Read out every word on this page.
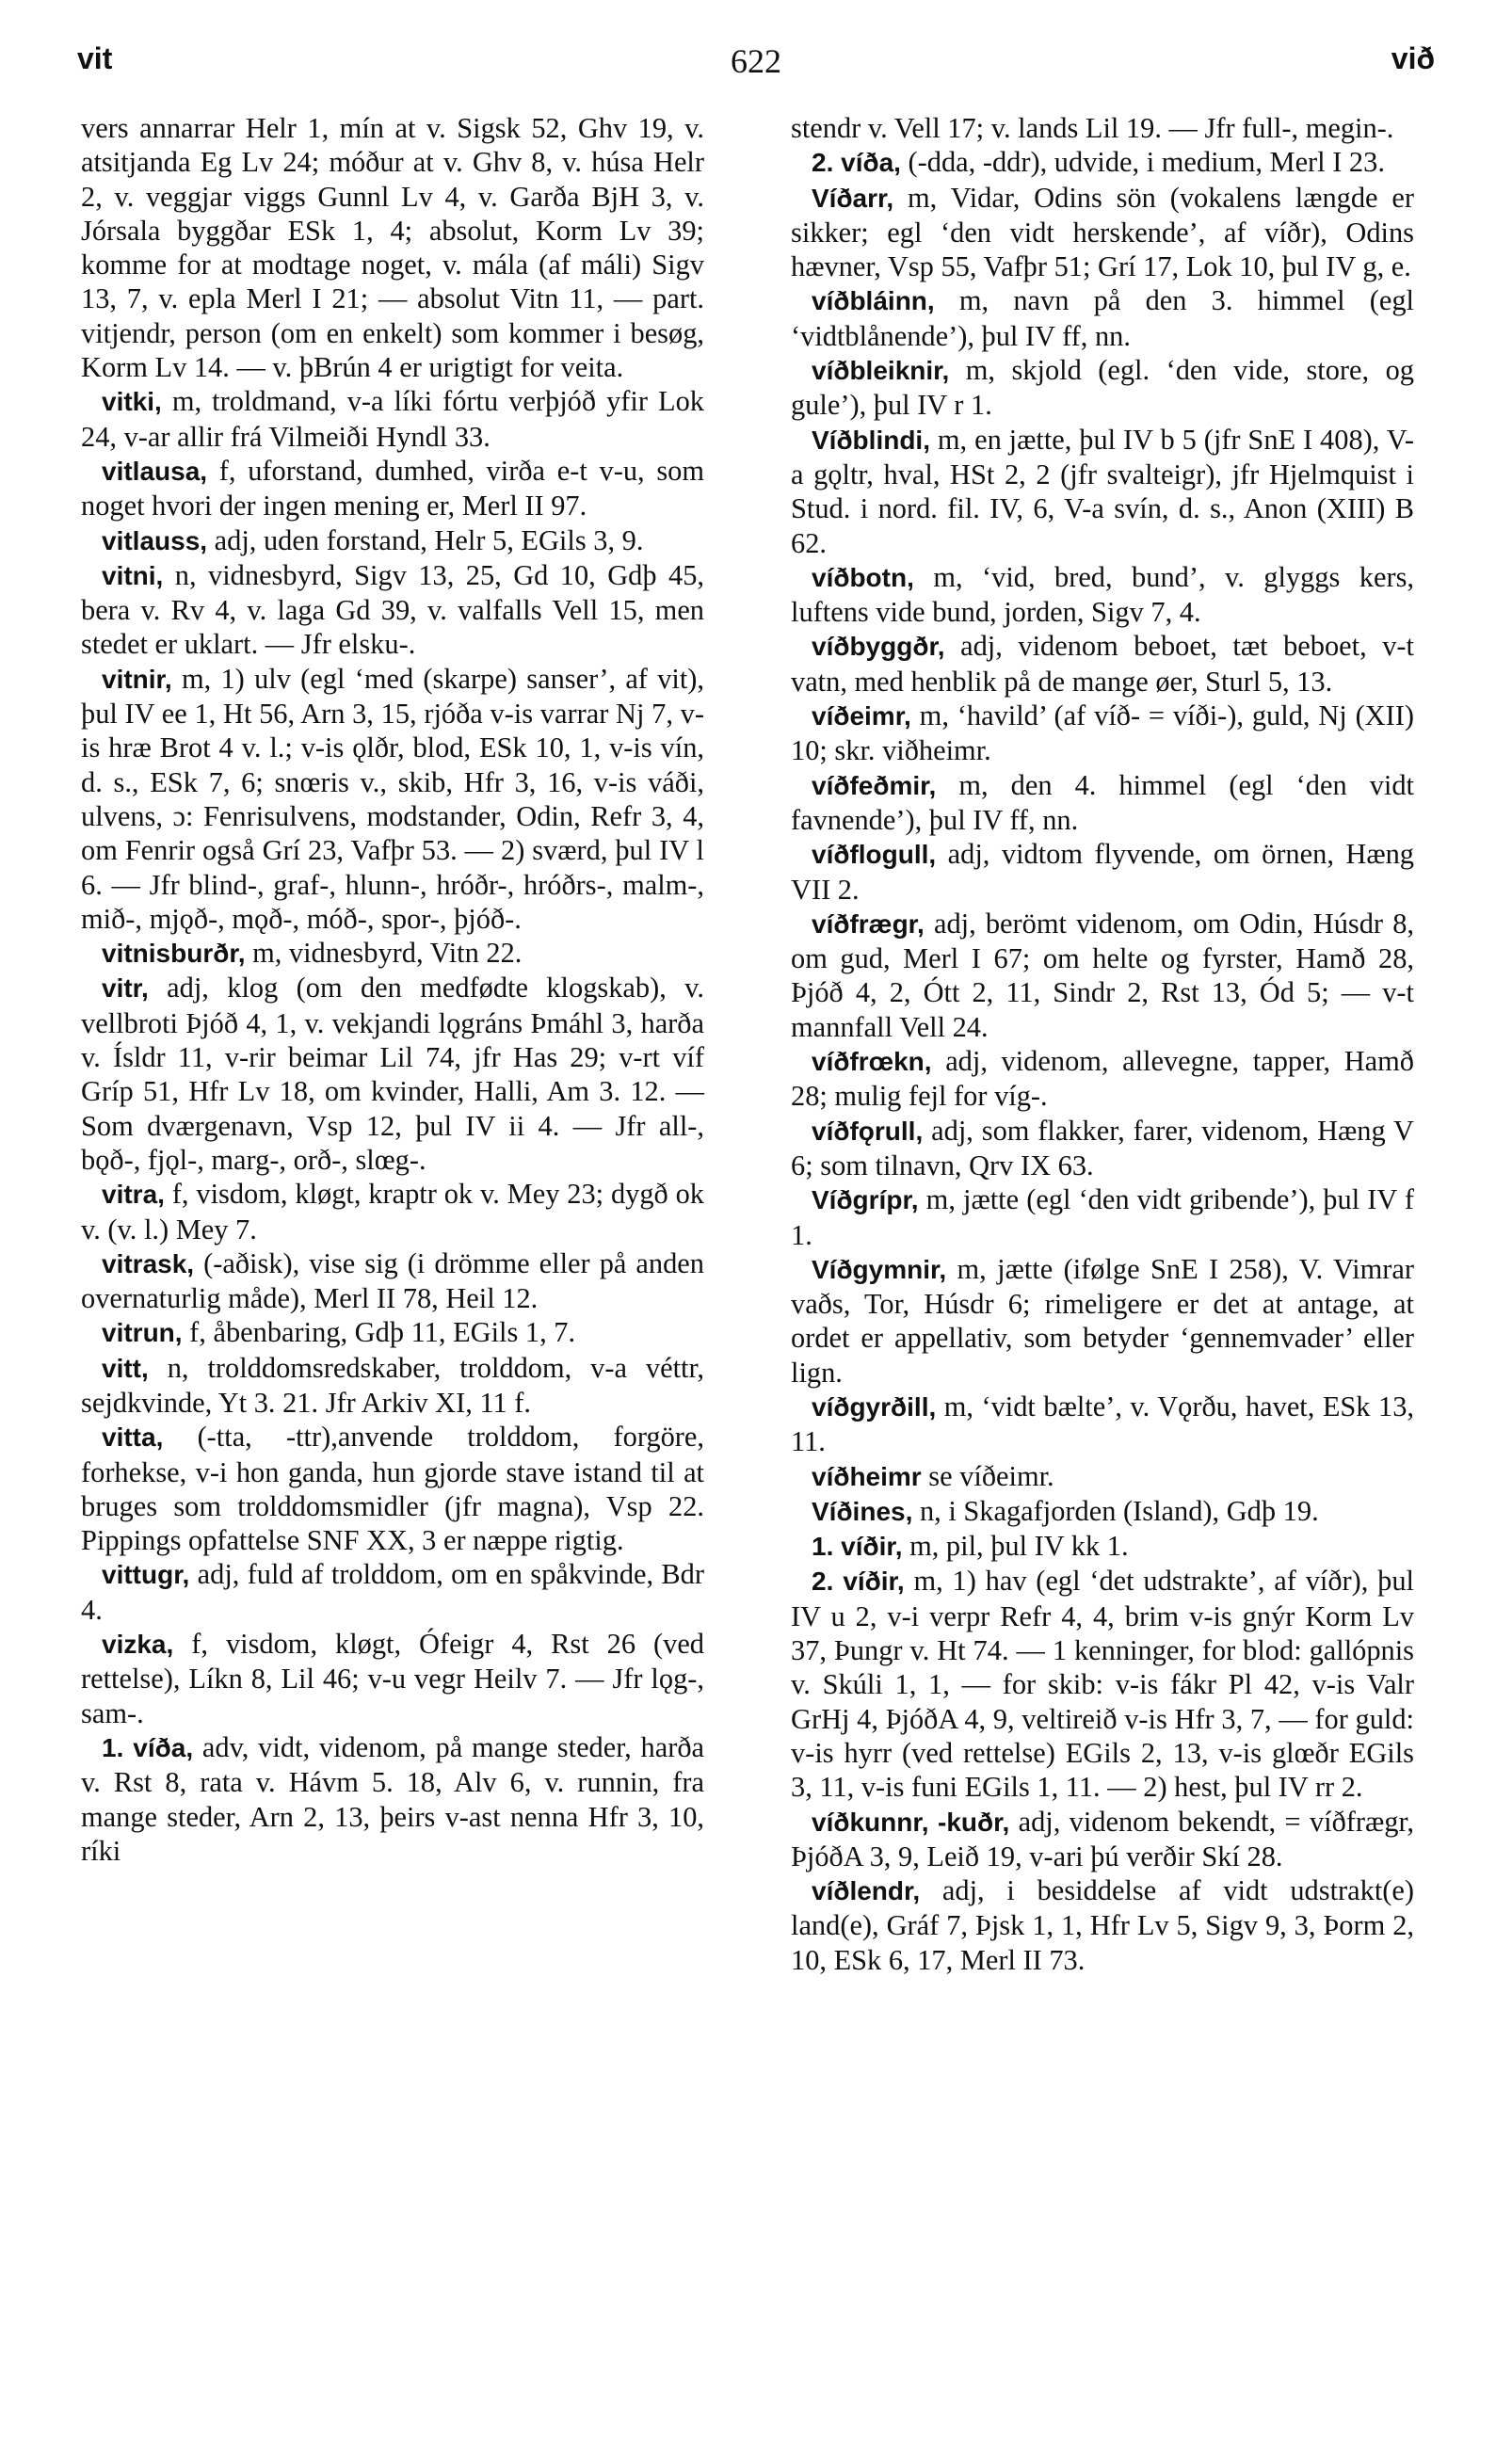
vit	622	við

vers annarrar Helr 1, mín at v. Sigsk 52, Ghv 19, v. atsitjanda Eg Lv 24; móður at v. Ghv 8, v. húsa Helr 2, v. veggjar viggs Gunnl Lv 4, v. Garða BjH 3, v. Jórsala byggðar ESk 1, 4; absolut, Korm Lv 39; komme for at modtage noget, v. mála (af máli) Sigv 13, 7, v. epla Merl I 21; — absolut Vitn 11, — part. vitjendr, person (om en enkelt) som kommer i besøg, Korm Lv 14. — v. þBrún 4 er urigtigt for veita.

vitki, m, troldmand, v-a líki fórtu verþjóð yfir Lok 24, v-ar allir frá Vilmeiði Hyndl 33.

vitlausa, f, uforstand, dumhed, virða e-t v-u, som noget hvori der ingen mening er, Merl II 97.

vitlauss, adj, uden forstand, Helr 5, EGils 3, 9.

vitni, n, vidnesbyrd, Sigv 13, 25, Gd 10, Gdþ 45, bera v. Rv 4, v. laga Gd 39, v. valfalls Vell 15, men stedet er uklart. — Jfr elsku-.

vitnir, m, 1) ulv (egl ‘med (skarpe) sanser’, af vit), þul IV ee 1, Ht 56, Arn 3, 15, rjóða v-is varrar Nj 7, v-is hræ Brot 4 v. l.; v-is ǫlðr, blod, ESk 10, 1, v-is vín, d. s., ESk 7, 6; snœris v., skib, Hfr 3, 16, v-is váði, ulvens, ɔ: Fenrisulvens, modstander, Odin, Refr 3, 4, om Fenrir også Grí 23, Vafþr 53. — 2) sværd, þul IV l 6. — Jfr blind-, graf-, hlunn-, hróðr-, hróðrs-, malm-, mið-, mjǫð-, mǫð-, móð-, spor-, þjóð-.

vitnisburðr, m, vidnesbyrd, Vitn 22.

vitr, adj, klog (om den medfødte klogskab), v. vellbroti Þjóð 4, 1, v. vekjandi lǫgráns Þmáhl 3, harða v. Ísldr 11, v-rir beimar Lil 74, jfr Has 29; v-rt víf Gríp 51, Hfr Lv 18, om kvinder, Halli, Am 3. 12. — Som dværgenavn, Vsp 12, þul IV ii 4. — Jfr all-, bǫð-, fjǫl-, marg-, orð-, slœg-.

vitra, f, visdom, kløgt, kraptr ok v. Mey 23; dygð ok v. (v. l.) Mey 7.

vitrask, (-aðisk), vise sig (i drömme eller på anden overnaturlig måde), Merl II 78, Heil 12.

vitrun, f, åbenbaring, Gdþ 11, EGils 1, 7.

vitt, n, trolddomsredskaber, trolddom, v-a véttr, sejdkvinde, Yt 3. 21. Jfr Arkiv XI, 11 f.

vitta, (-tta, -ttr),anvende trolddom, forgöre, forhekse, v-i hon ganda, hun gjorde stave istand til at bruges som trolddomsmidler (jfr magna), Vsp 22. Pippings opfattelse SNF XX, 3 er næppe rigtig.

vittugr, adj, fuld af trolddom, om en spåkvinde, Bdr 4.

vizka, f, visdom, kløgt, Ófeigr 4, Rst 26 (ved rettelse), Líkn 8, Lil 46; v-u vegr Heilv 7. — Jfr lǫg-, sam-.

1. víða, adv, vidt, videnom, på mange steder, harða v. Rst 8, rata v. Hávm 5. 18, Alv 6, v. runnin, fra mange steder, Arn 2, 13, þeirs v-ast nenna Hfr 3, 10, ríki

stendr v. Vell 17; v. lands Lil 19. — Jfr full-, megin-.

2. víða, (-dda, -ddr), udvide, i medium, Merl I 23.

Víðarr, m, Vidar, Odins sön (vokalens længde er sikker; egl ‘den vidt herskende’, af víðr), Odins hævner, Vsp 55, Vafþr 51; Grí 17, Lok 10, þul IV g, e.

víðbláinn, m, navn på den 3. himmel (egl ‘vidtblånende’), þul IV ff, nn.

víðbleiknir, m, skjold (egl. ‘den vide, store, og gule’), þul IV r 1.

Víðblindi, m, en jætte, þul IV b 5 (jfr SnE I 408), V-a gǫltr, hval, HSt 2, 2 (jfr svalteigr), jfr Hjelmquist i Stud. i nord. fil. IV, 6, V-a svín, d. s., Anon (XIII) B 62.

víðbotn, m, ‘vid, bred, bund’, v. glyggs kers, luftens vide bund, jorden, Sigv 7, 4.

víðbyggðr, adj, videnom beboet, tæt beboet, v-t vatn, med henblik på de mange øer, Sturl 5, 13.

víðeimr, m, ‘havild’ (af víð- = víði-), guld, Nj (XII) 10; skr. viðheimr.

víðfeðmir, m, den 4. himmel (egl ‘den vidt favnende’), þul IV ff, nn.

víðflogull, adj, vidtom flyvende, om örnen, Hæng VII 2.

víðfrægr, adj, berömt videnom, om Odin, Húsdr 8, om gud, Merl I 67; om helte og fyrster, Hamð 28, Þjóð 4, 2, Ótt 2, 11, Sindr 2, Rst 13, Ód 5; — v-t mannfall Vell 24.

víðfrœkn, adj, videnom, allevegne, tapper, Hamð 28; mulig fejl for víg-.

víðfǫrull, adj, som flakker, farer, videnom, Hæng V 6; som tilnavn, Qrv IX 63.

Víðgrípr, m, jætte (egl ‘den vidt gribende’), þul IV f 1.

Víðgymnir, m, jætte (ifølge SnE I 258), V. Vimrar vaðs, Tor, Húsdr 6; rimeligere er det at antage, at ordet er appellativ, som betyder ‘gennemvader’ eller lign.

víðgyrðill, m, ‘vidt bælte’, v. Vǫrðu, havet, ESk 13, 11.

víðheimr se víðeimr.

Víðines, n, i Skagafjorden (Island), Gdþ 19.

1. víðir, m, pil, þul IV kk 1.

2. víðir, m, 1) hav (egl ‘det udstrakte’, af víðr), þul IV u 2, v-i verpr Refr 4, 4, brim v-is gnýr Korm Lv 37, Þungr v. Ht 74. — 1 kenninger, for blod: gallópnis v. Skúli 1, 1, — for skib: v-is fákr Pl 42, v-is Valr GrHj 4, ÞjóðA 4, 9, veltireið v-is Hfr 3, 7, — for guld: v-is hyrr (ved rettelse) EGils 2, 13, v-is glœðr EGils 3, 11, v-is funi EGils 1, 11. — 2) hest, þul IV rr 2.

víðkunnr, -kuðr, adj, videnom bekendt, = víðfrægr, ÞjóðA 3, 9, Leið 19, v-ari þú verðir Skí 28.

víðlendr, adj, i besiddelse af vidt udstrakt(e) land(e), Gráf 7, Þjsk 1, 1, Hfr Lv 5, Sigv 9, 3, Þorm 2, 10, ESk 6, 17, Merl II 73.
